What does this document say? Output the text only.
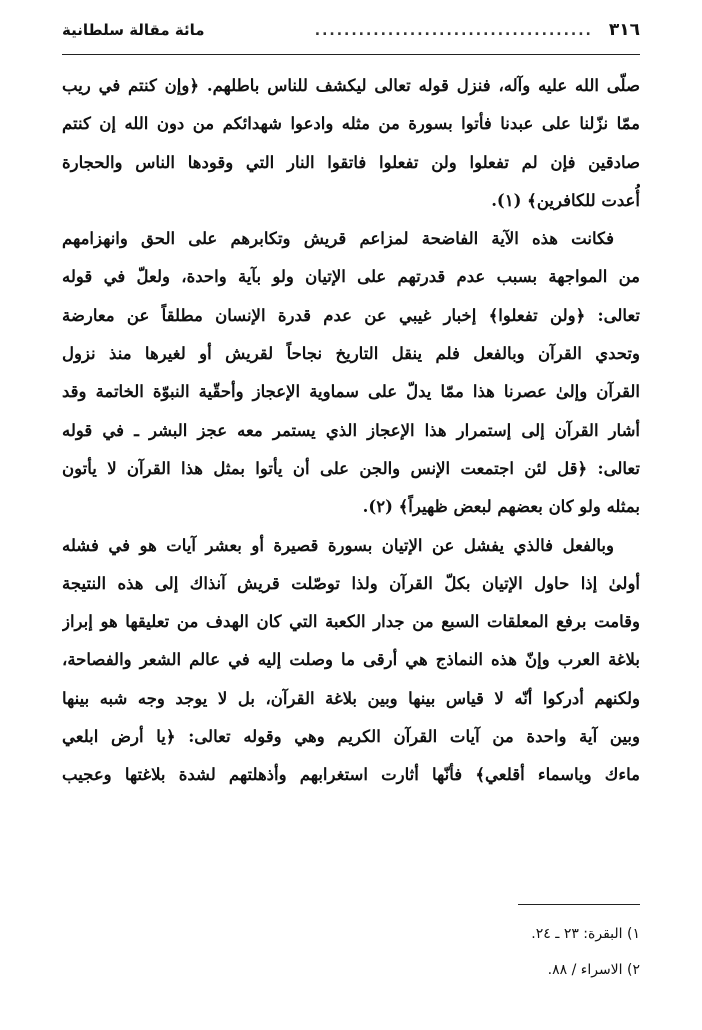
٣١٦
......................................
مائة مقالة سلطانية
صلّى الله عليه وآله، فنزل قوله تعالى ليكشف للناس باطلهم. ﴿وإن كنتم في ريب
ممّا نزّلنا على عبدنا فأتوا بسورة من مثله وادعوا شهدائكم من دون الله إن كنتم
صادقين فإن لم تفعلوا ولن تفعلوا فاتقوا النار التي وقودها الناس والحجارة
أُعدت للكافرين﴾ (١).
فكانت هذه الآية الفاضحة لمزاعم قريش وتكابرهم على الحق وانهزامهم
من المواجهة بسبب عدم قدرتهم على الإتيان ولو بآية واحدة، ولعلّ في قوله
تعالى: ﴿ولن تفعلوا﴾ إخبار غيبي عن عدم قدرة الإنسان مطلقاً عن معارضة
وتحدي القرآن وبالفعل فلم ينقل التاريخ نجاحاً لقريش أو لغيرها منذ نزول
القرآن وإلىٰ عصرنا هذا ممّا يدلّ على سماوية الإعجاز وأحقّية النبوّة الخاتمة وقد
أشار القرآن إلى إستمرار هذا الإعجاز الذي يستمر معه عجز البشر ـ في قوله
تعالى: ﴿قل لئن اجتمعت الإنس والجن على أن يأتوا بمثل هذا القرآن لا يأتون
بمثله ولو كان بعضهم لبعض ظهيراً﴾ (٢).
وبالفعل فالذي يفشل عن الإتيان بسورة قصيرة أو بعشر آيات هو في فشله
أولىٰ إذا حاول الإتيان بكلّ القرآن ولذا توصّلت قريش آنذاك إلى هذه النتيجة
وقامت برفع المعلقات السبع من جدار الكعبة التي كان الهدف من تعليقها هو إبراز
بلاغة العرب وإنّ هذه النماذج هي أرقى ما وصلت إليه في عالم الشعر والفصاحة،
ولكنهم أدركوا أنّه لا قياس بينها وبين بلاغة القرآن، بل لا يوجد وجه شبه بينها
وبين آية واحدة من آيات القرآن الكريم وهي وقوله تعالى: ﴿يا أرض ابلعي
ماءك وياسماء أقلعي﴾ فأنّها أثارت استغرابهم وأذهلتهم لشدة بلاغتها وعجيب
١) البقرة: ٢٣ ـ ٢٤.
٢) الاسراء / ٨٨.
